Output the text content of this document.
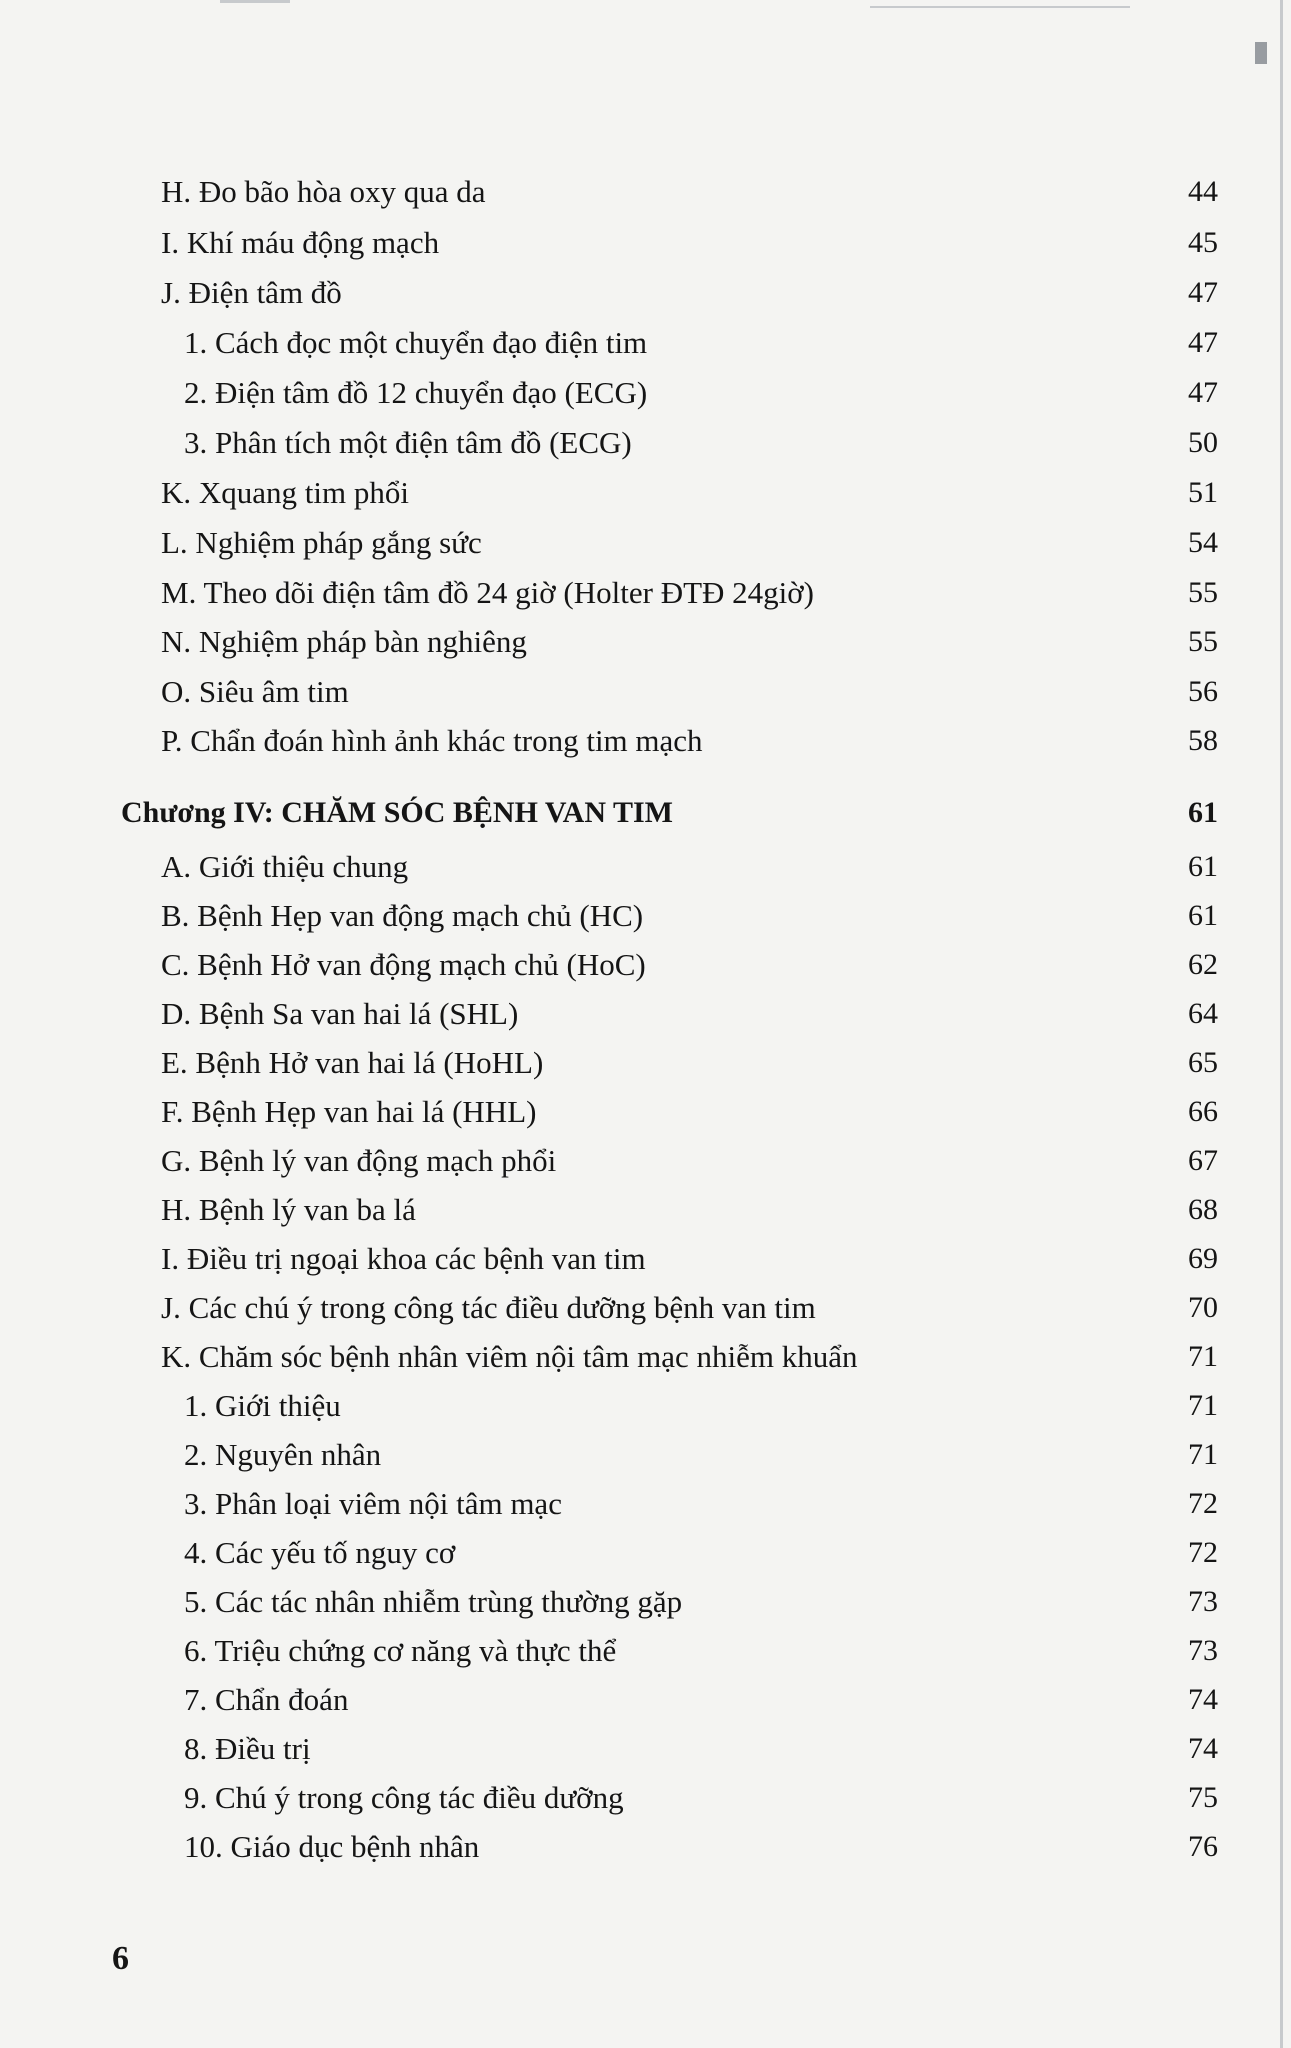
H. Đo bão hòa oxy qua da	44
I. Khí máu động mạch	45
J. Điện tâm đồ	47
1. Cách đọc một chuyển đạo điện tim	47
2. Điện tâm đồ 12 chuyển đạo (ECG)	47
3. Phân tích một điện tâm đồ (ECG)	50
K. Xquang tim phổi	51
L. Nghiệm pháp gắng sức	54
M. Theo dõi điện tâm đồ 24 giờ (Holter ĐTĐ 24giờ)	55
N. Nghiệm pháp bàn nghiêng	55
O. Siêu âm tim	56
P. Chẩn đoán hình ảnh khác trong tim mạch	58
Chương IV: CHĂM SÓC BỆNH VAN TIM	61
A. Giới thiệu chung	61
B. Bệnh Hẹp van động mạch chủ (HC)	61
C. Bệnh Hở van động mạch chủ (HoC)	62
D. Bệnh Sa van hai lá (SHL)	64
E. Bệnh Hở van hai lá (HoHL)	65
F. Bệnh Hẹp van hai lá (HHL)	66
G. Bệnh lý van động mạch phổi	67
H. Bệnh lý van ba lá	68
I. Điều trị ngoại khoa các bệnh van tim	69
J. Các chú ý trong công tác điều dưỡng bệnh van tim	70
K. Chăm sóc bệnh nhân viêm nội tâm mạc nhiễm khuẩn	71
1. Giới thiệu	71
2. Nguyên nhân	71
3. Phân loại viêm nội tâm mạc	72
4. Các yếu tố nguy cơ	72
5. Các tác nhân nhiễm trùng thường gặp	73
6. Triệu chứng cơ năng và thực thể	73
7. Chẩn đoán	74
8. Điều trị	74
9. Chú ý trong công tác điều dưỡng	75
10. Giáo dục bệnh nhân	76
6
